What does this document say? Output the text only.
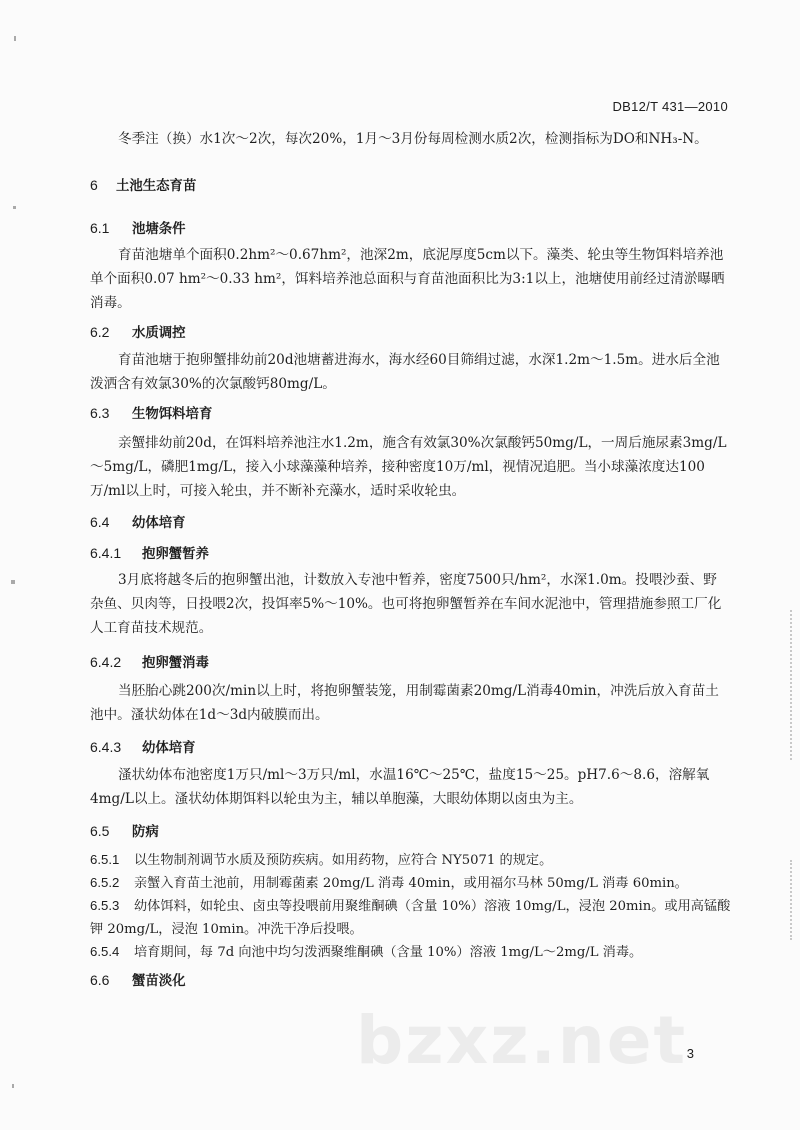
DB12/T 431—2010
冬季注（换）水1次～2次，每次20%，1月～3月份每周检测水质2次，检测指标为DO和NH₃-N。
6 土池生态育苗
6.1 池塘条件
育苗池塘单个面积0.2hm²～0.67hm²，池深2m，底泥厚度5cm以下。藻类、轮虫等生物饵料培养池单个面积0.07 hm²～0.33 hm²，饵料培养池总面积与育苗池面积比为3:1以上，池塘使用前经过清淤曝晒消毒。
6.2 水质调控
育苗池塘于抱卵蟹排幼前20d池塘蓄进海水，海水经60目筛绢过滤，水深1.2m～1.5m。进水后全池泼洒含有效氯30%的次氯酸钙80mg/L。
6.3 生物饵料培育
亲蟹排幼前20d，在饵料培养池注水1.2m，施含有效氯30%次氯酸钙50mg/L，一周后施尿素3mg/L～5mg/L，磷肥1mg/L，接入小球藻藻种培养，接种密度10万/ml，视情况追肥。当小球藻浓度达100万/ml以上时，可接入轮虫，并不断补充藻水，适时采收轮虫。
6.4 幼体培育
6.4.1 抱卵蟹暂养
3月底将越冬后的抱卵蟹出池，计数放入专池中暂养，密度7500只/hm²，水深1.0m。投喂沙蚕、野杂鱼、贝肉等，日投喂2次，投饵率5%～10%。也可将抱卵蟹暂养在车间水泥池中，管理措施参照工厂化人工育苗技术规范。
6.4.2 抱卵蟹消毒
当胚胎心跳200次/min以上时，将抱卵蟹装笼，用制霉菌素20mg/L消毒40min，冲洗后放入育苗土池中。溞状幼体在1d～3d内破膜而出。
6.4.3 幼体培育
溞状幼体布池密度1万只/ml～3万只/ml，水温16℃～25℃，盐度15～25。pH7.6～8.6，溶解氧4mg/L以上。溞状幼体期饵料以轮虫为主，辅以单胞藻，大眼幼体期以卤虫为主。
6.5 防病
6.5.1 以生物制剂调节水质及预防疾病。如用药物，应符合 NY5071 的规定。
6.5.2 亲蟹入育苗土池前，用制霉菌素 20mg/L 消毒 40min，或用福尔马林 50mg/L 消毒 60min。
6.5.3 幼体饵料，如轮虫、卤虫等投喂前用聚维酮碘（含量 10%）溶液 10mg/L，浸泡 20min。或用高锰酸钾 20mg/L，浸泡 10min。冲洗干净后投喂。
6.5.4 培育期间，每 7d 向池中均匀泼洒聚维酮碘（含量 10%）溶液 1mg/L～2mg/L 消毒。
6.6 蟹苗淡化
bzxz.net 3
